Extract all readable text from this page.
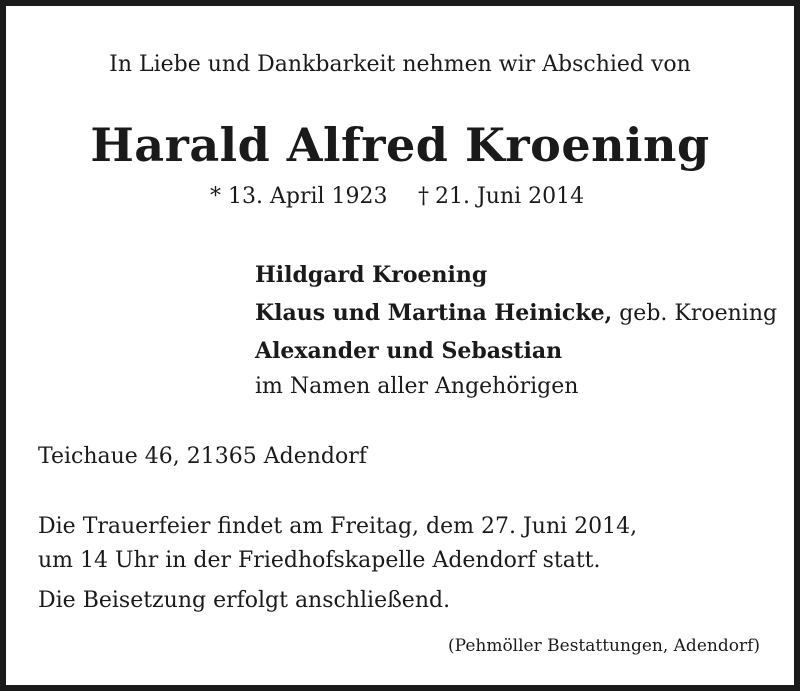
In Liebe und Dankbarkeit nehmen wir Abschied von
Harald Alfred Kroening
* 13. April 1923 † 21. Juni 2014
Hildgard Kroening
Klaus und Martina Heinicke, geb. Kroening
Alexander und Sebastian
im Namen aller Angehörigen
Teichaue 46, 21365 Adendorf
Die Trauerfeier findet am Freitag, dem 27. Juni 2014,
um 14 Uhr in der Friedhofskapelle Adendorf statt.
Die Beisetzung erfolgt anschließend.
(Pehmöller Bestattungen, Adendorf)
